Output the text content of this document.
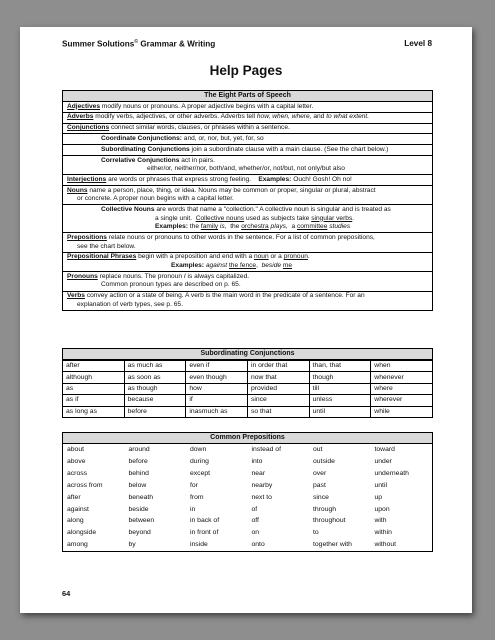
Summer Solutions© Grammar & Writing	Level 8
Help Pages
The Eight Parts of Speech
Adjectives modify nouns or pronouns. A proper adjective begins with a capital letter.
Adverbs modify verbs, adjectives, or other adverbs. Adverbs tell how, when, where, and to what extent.
Conjunctions connect similar words, clauses, or phrases within a sentence.
Coordinate Conjunctions: and, or, nor, but, yet, for, so
Subordinating Conjunctions join a subordinate clause with a main clause. (See the chart below.)
Correlative Conjunctions act in pairs.
either/or, neither/nor, both/and, whether/or, not/but, not only/but also
Interjections are words or phrases that express strong feeling. Examples: Ouch! Gosh! Oh no!
Nouns name a person, place, thing, or idea. Nouns may be common or proper, singular or plural, abstract
or concrete. A proper noun begins with a capital letter.
Collective Nouns are words that name a "collection." A collective noun is singular and is treated as
a single unit. Collective nouns used as subjects take singular verbs.
Examples: the family is, the orchestra plays, a committee studies
Prepositions relate nouns or pronouns to other words in the sentence. For a list of common prepositions,
see the chart below.
Prepositional Phrases begin with a preposition and end with a noun or a pronoun.
Examples: against the fence,  beside me
Pronouns replace nouns. The pronoun I is always capitalized.
Common pronoun types are described on p. 65.
Verbs convey action or a state of being. A verb is the main word in the predicate of a sentence. For an
explanation of verb types, see p. 65.
Subordinating Conjunctions
after	as much as	even if	in order that	than, that	when
although	as soon as	even though	now that	though	whenever
as	as though	how	provided	till	where
as if	because	if	since	unless	wherever
as long as	before	inasmuch as	so that	until	while
Common Prepositions
about	around	down	instead of	out	toward
above	before	during	into	outside	under
across	behind	except	near	over	underneath
across from	below	for	nearby	past	until
after	beneath	from	next to	since	up
against	beside	in	of	through	upon
along	between	in back of	off	throughout	with
alongside	beyond	in front of	on	to	within
among	by	inside	onto	together with	without
64
